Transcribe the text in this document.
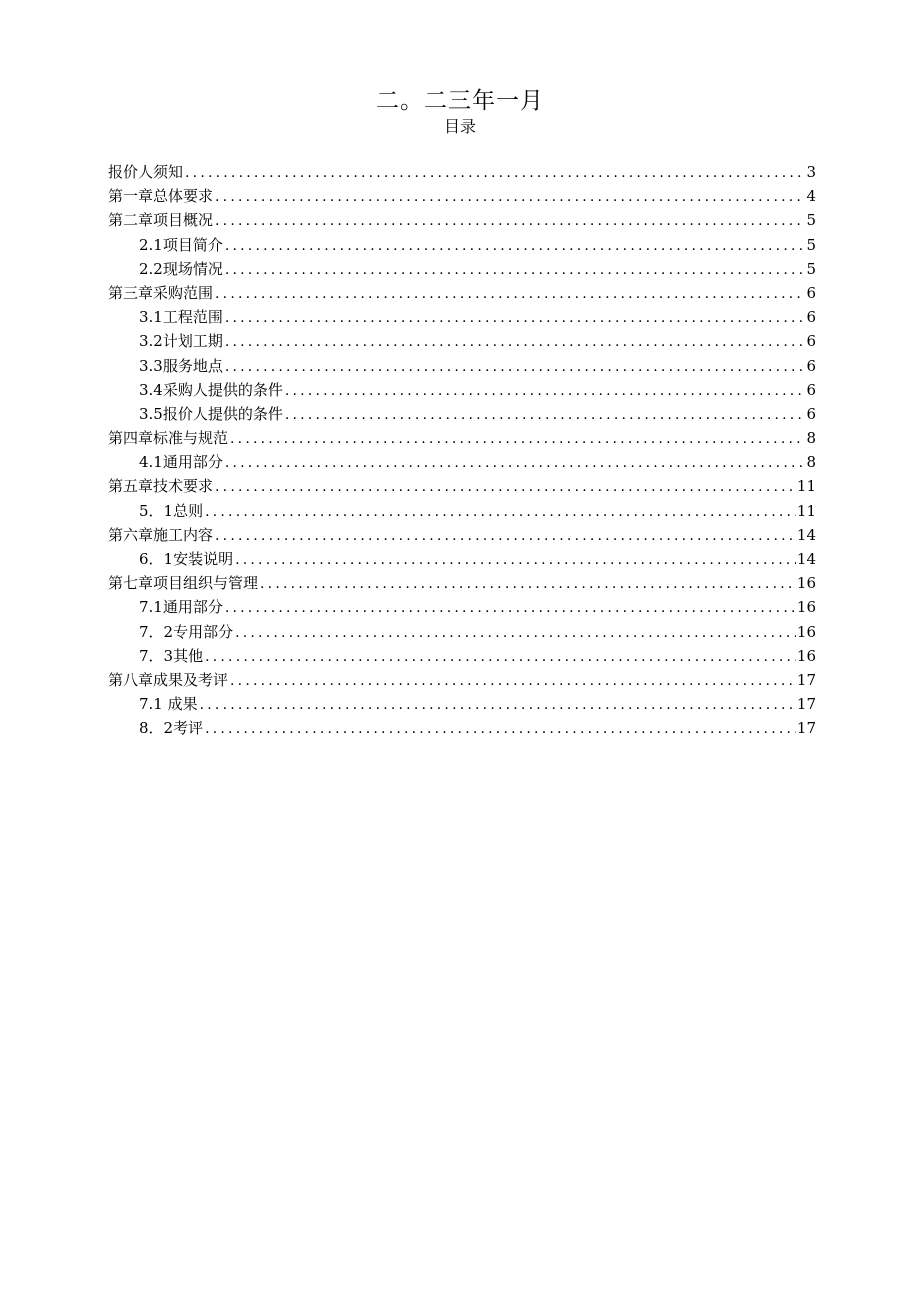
二。二三年一月
目录
报价人须知 .....	3
第一章总体要求 .....	4
第二章项目概况 .....	5
2.1项目简介 .....	5
2.2现场情况 .....	5
第三章采购范围 .....	6
3.1工程范围 .....	6
3.2计划工期 .....	6
3.3服务地点 .....	6
3.4采购人提供的条件 .....	6
3.5报价人提供的条件 .....	6
第四章标准与规范 .....	8
4.1通用部分 .....	8
第五章技术要求 .....	11
5．1总则 .....	11
第六章施工内容 .....	14
6．1安装说明 .....	14
第七章项目组织与管理 .....	16
7.1通用部分 .....	16
7．2专用部分 .....	16
7．3其他 .....	16
第八章成果及考评 .....	17
7.1 成果 .....	17
8．2考评 .....	17
